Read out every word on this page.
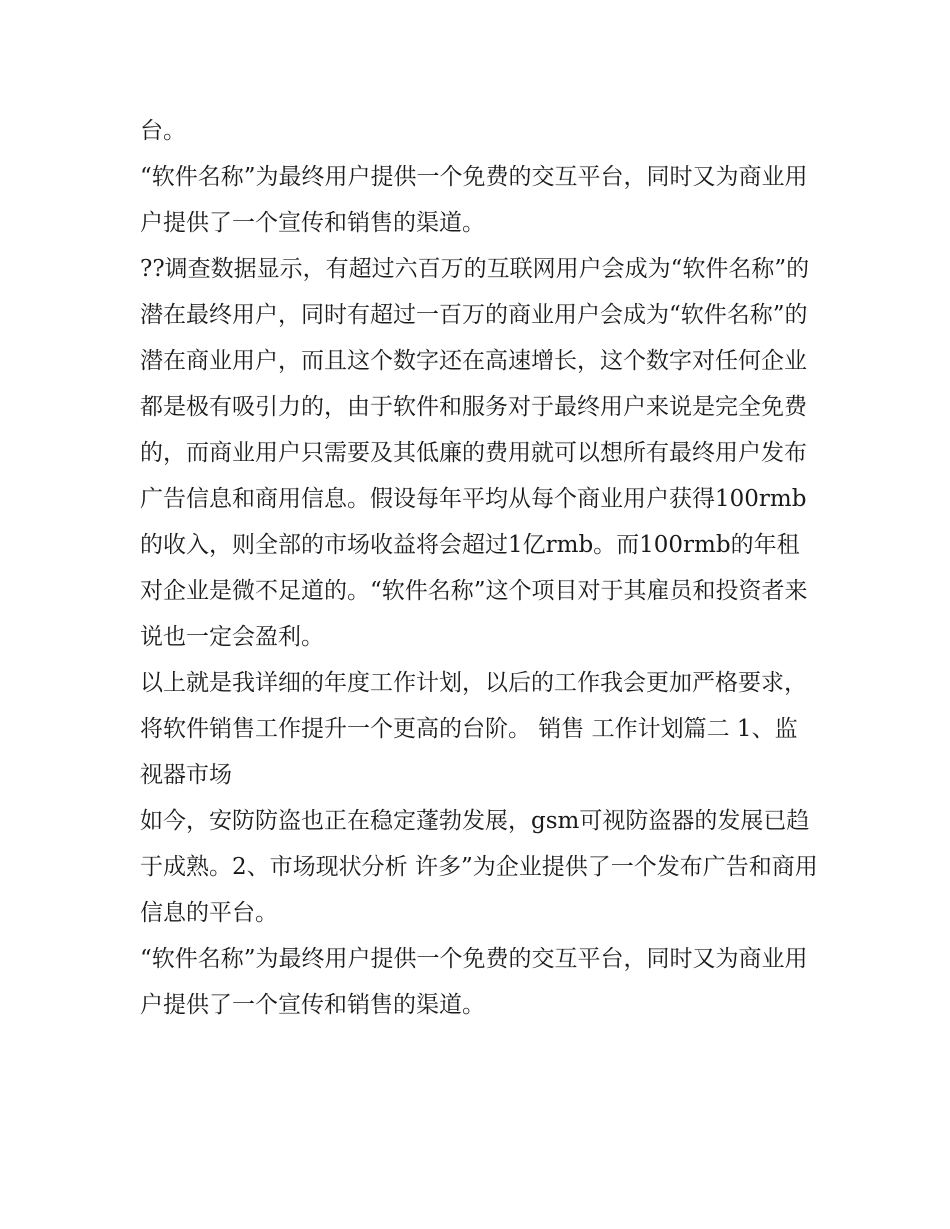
台。

“软件名称”为最终用户提供一个免费的交互平台，同时又为商业用户提供了一个宣传和销售的渠道。

??调查数据显示，有超过六百万的互联网用户会成为“软件名称”的潜在最终用户，同时有超过一百万的商业用户会成为“软件名称”的潜在商业用户，而且这个数字还在高速增长，这个数字对任何企业都是极有吸引力的，由于软件和服务对于最终用户来说是完全免费的，而商业用户只需要及其低廉的费用就可以想所有最终用户发布广告信息和商用信息。假设每年平均从每个商业用户获得100rmb的收入，则全部的市场收益将会超过1亿rmb。而100rmb的年租对企业是微不足道的。“软件名称”这个项目对于其雇员和投资者来说也一定会盈利。

以上就是我详细的年度工作计划，以后的工作我会更加严格要求，将软件销售工作提升一个更高的台阶。 销售 工作计划篇二 1、监视器市场

如今，安防防盗也正在稳定蓬勃发展，gsm可视防盗器的发展已趋于成熟。2、市场现状分析 许多”为企业提供了一个发布广告和商用信息的平台。

“软件名称”为最终用户提供一个免费的交互平台，同时又为商业用户提供了一个宣传和销售的渠道。
